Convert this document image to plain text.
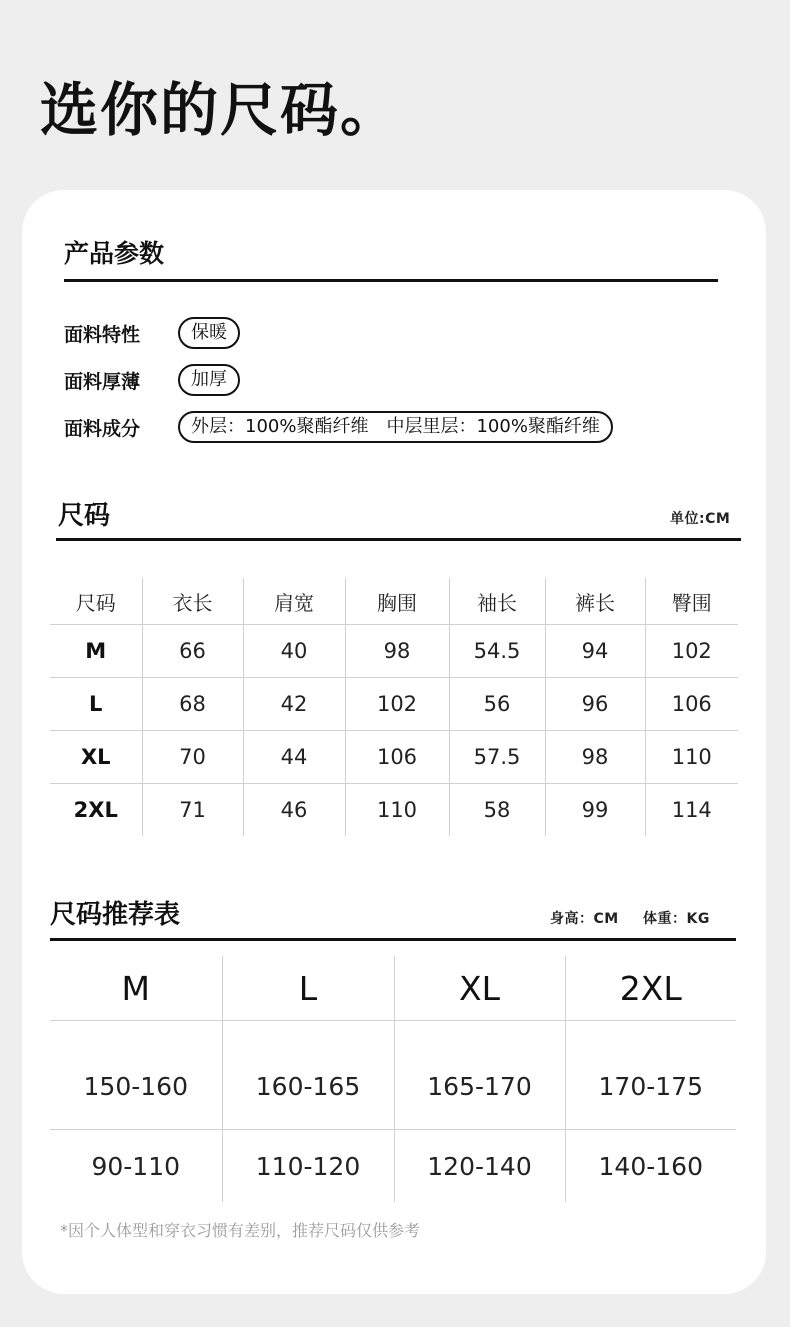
选你的尺码。
产品参数
面料特性	保暖
面料厚薄	加厚
面料成分	外层：100%聚酯纤维　中层里层：100%聚酯纤维
尺码	单位:CM
尺码	衣长	肩宽	胸围	袖长	裤长	臀围
M	66	40	98	54.5	94	102
L	68	42	102	56	96	106
XL	70	44	106	57.5	98	110
2XL	71	46	110	58	99	114
尺码推荐表	身高：CM 体重：KG
M	L	XL	2XL
150-160	160-165	165-170	170-175
90-110	110-120	120-140	140-160
*因个人体型和穿衣习惯有差别，推荐尺码仅供参考
